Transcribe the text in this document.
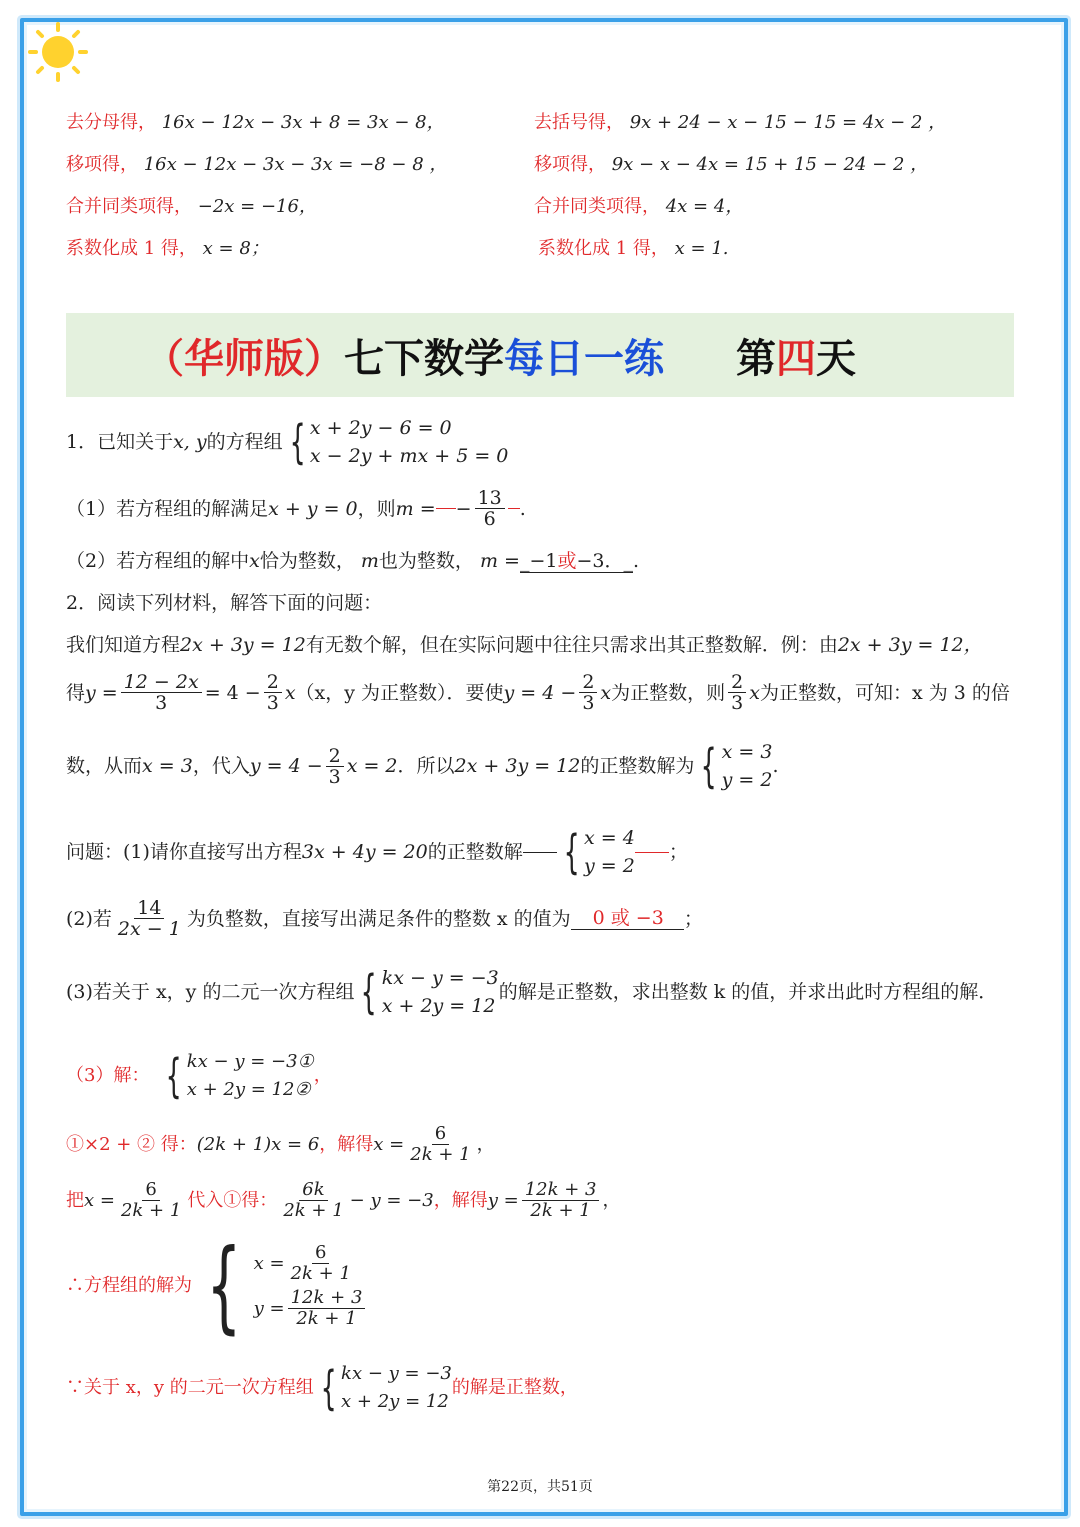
去分母得， 16x − 12x − 3x + 8 = 3x − 8，
移项得， 16x − 12x − 3x − 3x = −8 − 8 ，
合并同类项得， −2x = −16，
系数化成 1 得， x = 8；
去括号得， 9x + 24 − x − 15 − 15 = 4x − 2 ，
移项得， 9x − x − 4x = 15 + 15 − 24 − 2 ，
合并同类项得， 4x = 4，
系数化成 1 得， x = 1.
（华师版） 七下数学 每日一练 第 四 天
1．已知关于 x, y 的方程组 { x + 2y − 6 = 0
x − 2y + mx + 5 = 0
（1）若方程组的解满足 x + y = 0 ，则 m = − $\frac{13}{6}$ .
（2）若方程组的解中x恰为整数， m也为整数， m =_−1或−3．_.
2．阅读下列材料，解答下面的问题：
我们知道方程2x + 3y = 12有无数个解，但在实际问题中往往只需求出其正整数解．例：由2x + 3y = 12，
得 $y = \frac{12 - 2x}{3} = 4 - \frac{2}{3}$ x （x，y 为正整数）．要使 $y = 4 - \frac{2}{3}$ x 为正整数，则 $\frac{2}{3}$ x 为正整数，可知：x 为 3 的倍
数，从而 x = 3 ，代入 $y = 4 - \frac{2}{3}$ x = 2 ．所以 2x + 3y = 12 的正整数解为 { x = 3
y = 2
.
问题：(1)请你直接写出方程 3x + 4y = 20 的正整数解 { x = 4
y = 2
；
(2)若 $\frac{14}{2x - 1}$ 为负整数，直接写出满足条件的整数 x 的值为	0 或 −3	；
(3)若关于 x，y 的二元一次方程组 { kx − y = −3
x + 2y = 12
的解是正整数，求出整数 k 的值，并求出此时方程组的解．
（3）解： { kx − y = −3①
x + 2y = 12②
，
①×2 + ② 得： (2k + 1)x = 6 ，解得 $x = \frac{6}{2k + 1}$ ，
把 $x = \frac{6}{2k + 1}$ 代入①得： $\frac{6k}{2k + 1} - y = -3$ ，解得 $y = \frac{12k + 3}{2k + 1}$ ，
∴方程组的解为 { $x = \frac{6}{2k + 1}$
$y = \frac{12k + 3}{2k + 1}$
∵关于 x，y 的二元一次方程组 { kx − y = −3
x + 2y = 12
的解是正整数，
第22页，共51页
